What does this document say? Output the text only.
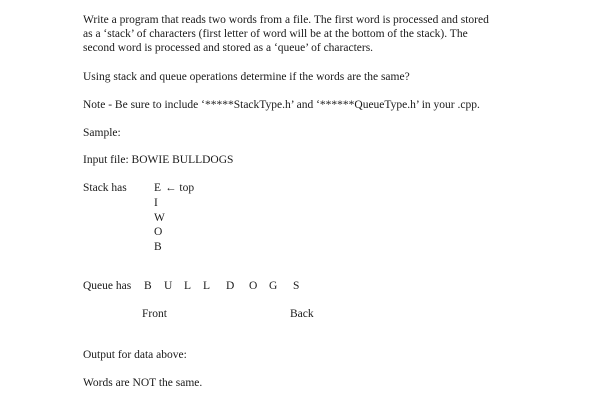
Write a program that reads two words from a file. The first word is processed and stored

as a ‘stack’ of characters (first letter of word will be at the bottom of the stack). The

second word is processed and stored as a ‘queue’ of characters.

Using stack and queue operations determine if the words are the same?
Note - Be sure to include ‘*****StackType.h’ and ‘******QueueType.h’ in your .cpp.
Sample:
Input file: BOWIE BULLDOGS
Stack has E ← top
I
W
O
B
Queue has B U L L D O G S
Front	Back
Output for data above:
Words are NOT the same.
